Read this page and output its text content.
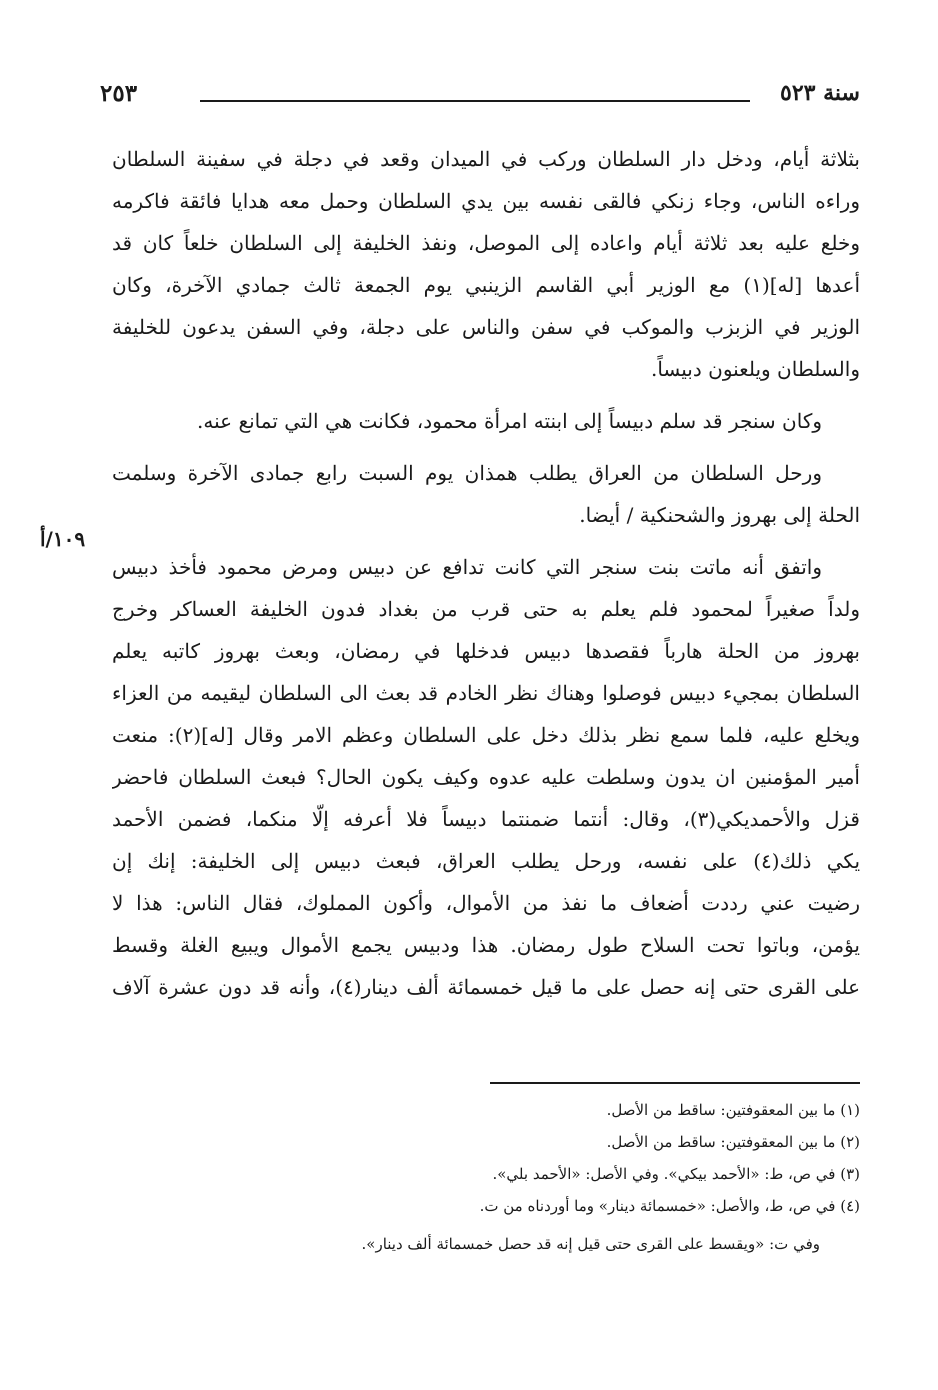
سنة ٥٢٣
٢٥٣
١٠٩/أ

بثلاثة أيام، ودخل دار السلطان وركب في الميدان وقعد في دجلة في سفينة السلطان
وراءه الناس، وجاء زنكي فالقى نفسه بين يدي السلطان وحمل معه هدايا فائقة فاكرمه
وخلع عليه بعد ثلاثة أيام واعاده إلى الموصل، ونفذ الخليفة إلى السلطان خلعاً كان قد
أعدها [له](١) مع الوزير أبي القاسم الزينبي يوم الجمعة ثالث جمادي الآخرة، وكان
الوزير في الزبزب والموكب في سفن والناس على دجلة، وفي السفن يدعون للخليفة
والسلطان ويلعنون دبيساً.

وكان سنجر قد سلم دبيساً إلى ابنته امرأة محمود، فكانت هي التي تمانع عنه.

ورحل السلطان من العراق يطلب همذان يوم السبت رابع جمادى الآخرة وسلمت
الحلة إلى بهروز والشحنكية / أيضا.

واتفق أنه ماتت بنت سنجر التي كانت تدافع عن دبيس ومرض محمود فأخذ دبيس
ولداً صغيراً لمحمود فلم يعلم به حتى قرب من بغداد فدون الخليفة العساكر وخرج
بهروز من الحلة هارباً فقصدها دبيس فدخلها في رمضان، وبعث بهروز كاتبه يعلم
السلطان بمجيء دبيس فوصلوا وهناك نظر الخادم قد بعث الى السلطان ليقيمه من العزاء
ويخلع عليه، فلما سمع نظر بذلك دخل على السلطان وعظم الامر وقال [له](٢): منعت
أمير المؤمنين ان يدون وسلطت عليه عدوه وكيف يكون الحال؟ فبعث السلطان فاحضر
قزل والأحمديكي(٣)، وقال: أنتما ضمنتما دبيساً فلا أعرفه إلّا منكما، فضمن الأحمد
يكي ذلك(٤) على نفسه، ورحل يطلب العراق، فبعث دبيس إلى الخليفة: إنك إن
رضيت عني رددت أضعاف ما نفذ من الأموال، وأكون المملوك، فقال الناس: هذا لا
يؤمن، وباتوا تحت السلاح طول رمضان. هذا ودبيس يجمع الأموال ويبيع الغلة وقسط
على القرى حتى إنه حصل على ما قيل خمسمائة ألف دينار(٤)، وأنه قد دون عشرة آلاف

(١) ما بين المعقوفتين: ساقط من الأصل.
(٢) ما بين المعقوفتين: ساقط من الأصل.
(٣) في ص، ط: «الأحمد بيكي». وفي الأصل: «الأحمد بلي».
(٤) في ص، ط، والأصل: «خمسمائة دينار» وما أوردناه من ت.
وفي ت: «ويقسط على القرى حتى قيل إنه قد حصل خمسمائة ألف دينار».
